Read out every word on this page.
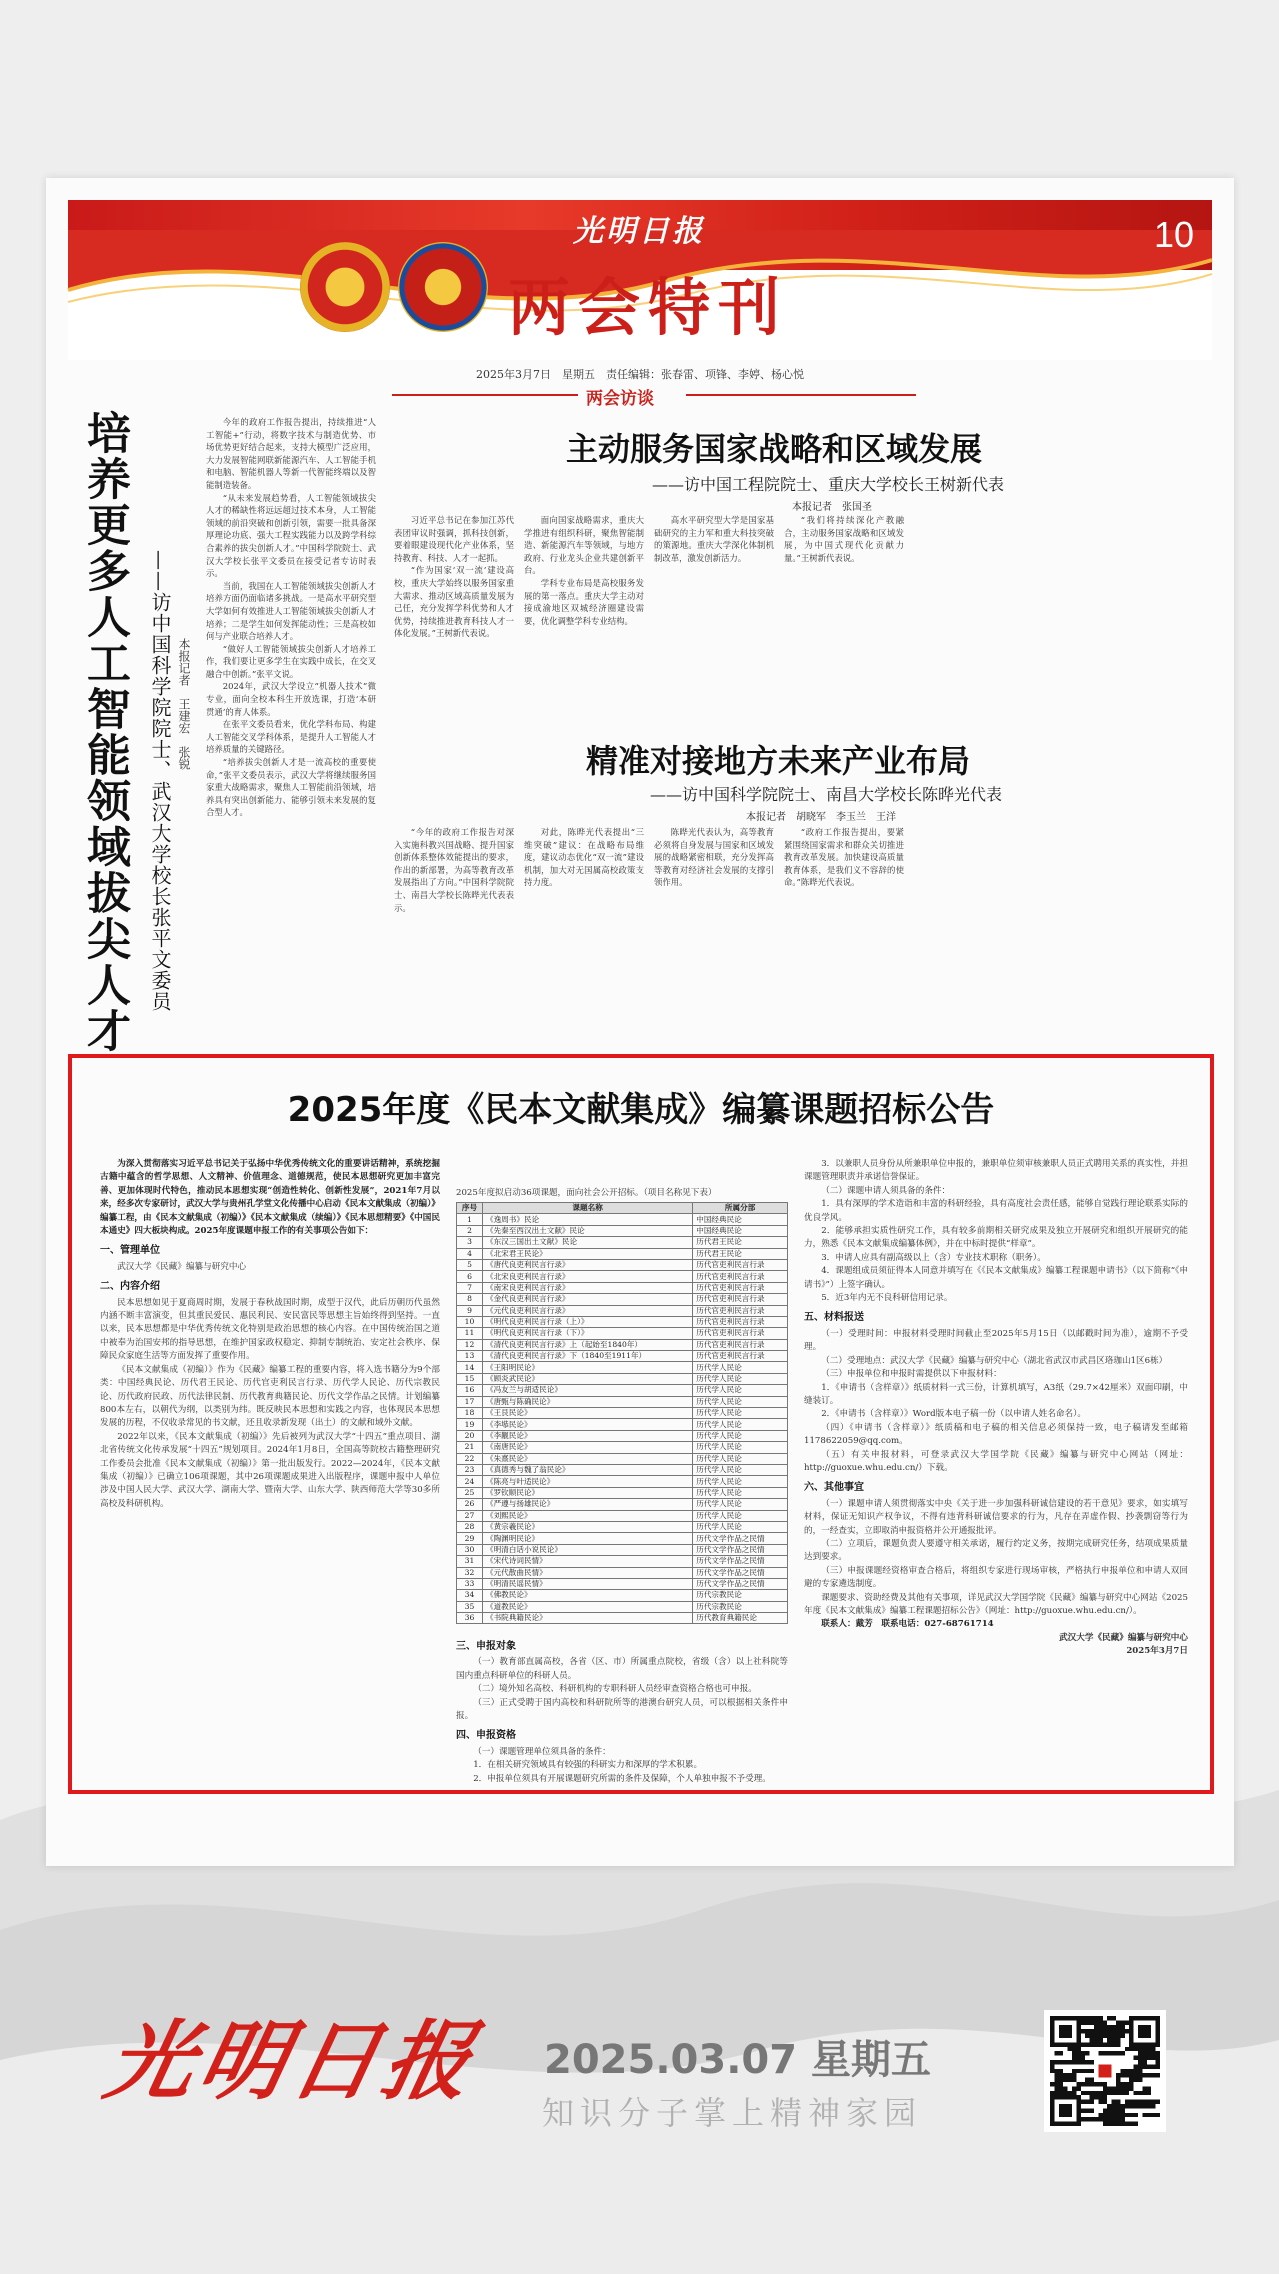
光明日报	10
两会特刊
2025年3月7日　星期五　责任编辑：张春雷、项锋、李婷、杨心悦
两会访谈
培养更多人工智能领域拔尖人才 ——访中国科学院院士、武汉大学校长张平文委员 本报记者　王建宏　张锐

今年的政府工作报告提出，持续推进“人工智能+”行动，将数字技术与制造优势、市场优势更好结合起来，支持大模型广泛应用，大力发展智能网联新能源汽车、人工智能手机和电脑、智能机器人等新一代智能终端以及智能制造装备。

“从未来发展趋势看，人工智能领域拔尖人才的稀缺性将远远超过技术本身，人工智能领域的前沿突破和创新引领，需要一批具备深厚理论功底、强大工程实践能力以及跨学科综合素养的拔尖创新人才。”中国科学院院士、武汉大学校长张平文委员在接受记者专访时表示。

当前，我国在人工智能领域拔尖创新人才培养方面仍面临诸多挑战。一是高水平研究型大学如何有效推进人工智能领域拔尖创新人才培养；二是学生如何发挥能动性；三是高校如何与产业联合培养人才。

“做好人工智能领域拔尖创新人才培养工作，我们要让更多学生在实践中成长，在交叉融合中创新。”张平文说。

2024年，武汉大学设立“机器人技术”微专业，面向全校本科生开放选课，打造‘本研贯通’的育人体系。

在张平文委员看来，优化学科布局、构建人工智能交叉学科体系，是提升人工智能人才培养质量的关键路径。

“培养拔尖创新人才是一流高校的重要使命，”张平文委员表示，武汉大学将继续服务国家重大战略需求，聚焦人工智能前沿领域，培养具有突出创新能力、能够引领未来发展的复合型人才。

主动服务国家战略和区域发展
——访中国工程院院士、重庆大学校长王树新代表
本报记者　张国圣

习近平总书记在参加江苏代表团审议时强调，抓科技创新，要着眼建设现代化产业体系，坚持教育、科技、人才一起抓。

“作为国家‘双一流’建设高校，重庆大学始终以服务国家重大需求、推动区域高质量发展为己任，充分发挥学科优势和人才优势，持续推进教育科技人才一体化发展。”王树新代表说。

面向国家战略需求，重庆大学推进有组织科研，聚焦智能制造、新能源汽车等领域，与地方政府、行业龙头企业共建创新平台。

学科专业布局是高校服务发展的第一落点。重庆大学主动对接成渝地区双城经济圈建设需要，优化调整学科专业结构。

高水平研究型大学是国家基础研究的主力军和重大科技突破的策源地。重庆大学深化体制机制改革，激发创新活力。

“我们将持续深化产教融合，主动服务国家战略和区域发展，为中国式现代化贡献力量。”王树新代表说。

精准对接地方未来产业布局
——访中国科学院院士、南昌大学校长陈晔光代表
本报记者　胡晓军　李玉兰　王洋

“今年的政府工作报告对深入实施科教兴国战略、提升国家创新体系整体效能提出的要求，作出的新部署，为高等教育改革发展指出了方向。”中国科学院院士、南昌大学校长陈晔光代表表示。

对此，陈晔光代表提出“三维突破”建议：在战略布局维度，建议动态优化“双一流”建设机制，加大对无国属高校政策支持力度。

陈晔光代表认为，高等教育必须将自身发展与国家和区域发展的战略紧密相联，充分发挥高等教育对经济社会发展的支撑引领作用。

“政府工作报告提出，要紧紧围绕国家需求和群众关切推进教育改革发展。加快建设高质量教育体系，是我们义不容辞的使命。”陈晔光代表说。

2025年度《民本文献集成》编纂课题招标公告

为深入贯彻落实习近平总书记关于弘扬中华优秀传统文化的重要讲话精神，系统挖掘古籍中蕴含的哲学思想、人文精神、价值理念、道德规范，使民本思想研究更加丰富完善、更加体现时代特色，推动民本思想实现“创造性转化、创新性发展”，2021年7月以来，经多次专家研讨，武汉大学与贵州孔学堂文化传播中心启动《民本文献集成（初编）》编纂工程，由《民本文献集成（初编）》《民本文献集成（续编）》《民本思想精要》《中国民本通史》四大板块构成。2025年度课题申报工作的有关事项公告如下：

一、管理单位

武汉大学《民藏》编纂与研究中心

二、内容介绍

民本思想如见于夏商周时期，发展于春秋战国时期，成型于汉代，此后历朝历代虽然内涵不断丰富演变，但其重民爱民、惠民利民、安民富民等思想主旨始终得到坚持。一直以来，民本思想都是中华优秀传统文化特别是政治思想的核心内容。在中国传统治国之道中被奉为治国安邦的指导思想，在维护国家政权稳定、抑制专制统治、安定社会秩序、保障民众家庭生活等方面发挥了重要作用。

《民本文献集成（初编）》作为《民藏》编纂工程的重要内容，将入选书籍分为9个部类：中国经典民论、历代君王民论、历代官吏利民言行录、历代学人民论、历代宗教民论、历代政府民政、历代法律民制、历代教育典籍民论、历代文学作品之民情。计划编纂800本左右，以朝代为纲，以类别为纬。既反映民本思想和实践之内容，也体现民本思想发展的历程，不仅收录常见的书文献，还且收录新发现（出土）的文献和域外文献。

2022年以来，《民本文献集成（初编）》先后被列为武汉大学“十四五”重点项目、湖北省传统文化传承发展“十四五”规划项目。2024年1月8日，全国高等院校古籍整理研究工作委员会批准《民本文献集成（初编）》第一批出版发行。2022—2024年，《民本文献集成（初编）》已确立106项课题，其中26项课题成果进入出版程序，课题申报中人单位涉及中国人民大学、武汉大学、湖南大学、暨南大学、山东大学、陕西师范大学等30多所高校及科研机构。

2025年度拟启动36项课题，面向社会公开招标。（项目名称见下表）
序号	课题名称	所属分部
1	《逸周书》民论	中国经典民论
2	《先秦至西汉出土文献》民论	中国经典民论
3	《东汉三国出土文献》民论	历代君王民论
4	《北宋君王民论》	历代君王民论
5	《唐代良吏利民言行录》	历代官吏利民言行录
6	《北宋良吏利民言行录》	历代官吏利民言行录
7	《南宋良吏利民言行录》	历代官吏利民言行录
8	《金代良吏利民言行录》	历代官吏利民言行录
9	《元代良吏利民言行录》	历代官吏利民言行录
10	《明代良吏利民言行录（上）》	历代官吏利民言行录
11	《明代良吏利民言行录（下）》	历代官吏利民言行录
12	《清代良吏利民言行录》上（起始至1840年）	历代官吏利民言行录
13	《清代良吏利民言行录》下（1840至1911年）	历代官吏利民言行录
14	《王阳明民论》	历代学人民论
15	《顾炎武民论》	历代学人民论
16	《冯友兰与胡适民论》	历代学人民论
17	《唐甄与陈确民论》	历代学人民论
18	《王艮民论》	历代学人民论
19	《李塨民论》	历代学人民论
20	《李觏民论》	历代学人民论
21	《南唐民论》	历代学人民论
22	《朱熹民论》	历代学人民论
23	《真德秀与魏了翁民论》	历代学人民论
24	《陈亮与叶适民论》	历代学人民论
25	《罗钦顺民论》	历代学人民论
26	《严遵与扬雄民论》	历代学人民论
27	《刘熙民论》	历代学人民论
28	《黄宗羲民论》	历代学人民论
29	《陶渊明民论》	历代文学作品之民情
30	《明清白话小说民论》	历代文学作品之民情
31	《宋代诗词民情》	历代文学作品之民情
32	《元代散曲民情》	历代文学作品之民情
33	《明清民谣民情》	历代文学作品之民情
34	《佛教民论》	历代宗教民论
35	《道教民论》	历代宗教民论
36	《书院典籍民论》	历代教育典籍民论
三、申报对象

（一）教育部直属高校，各省（区、市）所属重点院校，省级（含）以上社科院等国内重点科研单位的科研人员。

（二）境外知名高校、科研机构的专职科研人员经审查资格合格也可申报。

（三）正式受聘于国内高校和科研院所等的港澳台研究人员，可以根据相关条件申报。

四、申报资格

（一）课题管理单位须具备的条件：

1．在相关研究领域具有较强的科研实力和深厚的学术积累。

2．申报单位须具有开展课题研究所需的条件及保障，个人单独申报不予受理。

3．以兼职人员身份从所兼职单位申报的，兼职单位须审核兼职人员正式聘用关系的真实性，并担课题管理职责并承诺信誉保证。

（二）课题申请人须具备的条件：

1．具有深厚的学术造诣和丰富的科研经验，具有高度社会责任感，能够自觉践行理论联系实际的优良学风。

2．能够承担实质性研究工作，具有较多前期相关研究成果及独立开展研究和组织开展研究的能力，熟悉《民本文献集成编纂体例》，并在中标时提供“样章”。

3．申请人应具有副高级以上（含）专业技术职称（职务）。

4．课题组成员须征得本人同意并填写在《《民本文献集成》编纂工程课题申请书》（以下简称“《申请书》”）上签字确认。

5．近3年内无不良科研信用记录。

五、材料报送

（一）受理时间：申报材料受理时间截止至2025年5月15日（以邮戳时间为准），逾期不予受理。

（二）受理地点：武汉大学《民藏》编纂与研究中心（湖北省武汉市武昌区珞珈山1区6栋）

（三）申报单位和申报时需提供以下申报材料：

1．《申请书（含样章）》纸质材料一式三份，计算机填写，A3纸（29.7×42厘米）双面印刷，中缝装订。

2．《申请书（含样章）》Word版本电子稿一份（以申请人姓名命名）。

（四）《申请书（含样章）》纸质稿和电子稿的相关信息必须保持一致，电子稿请发至邮箱1178622059@qq.com。

（五）有关申报材料，可登录武汉大学国学院《民藏》编纂与研究中心网站（网址：http://guoxue.whu.edu.cn/）下载。

六、其他事宜

（一）课题申请人须贯彻落实中央《关于进一步加强科研诚信建设的若干意见》要求，如实填写材料，保证无知识产权争议，不得有违背科研诚信要求的行为，凡存在弄虚作假、抄袭剽窃等行为的，一经查实，立即取消申报资格并公开通报批评。

（二）立项后，课题负责人要遵守相关承诺，履行约定义务，按期完成研究任务，结项成果质量达到要求。

（三）申报课题经资格审查合格后，将组织专家进行现场审核，严格执行申报单位和申请人双回避的专家遴选制度。

课题要求、资助经费及其他有关事项，详见武汉大学国学院《民藏》编纂与研究中心网站《2025年度《民本文献集成》编纂工程课题招标公告》（网址：http://guoxue.whu.edu.cn/）。

联系人：戴芳　联系电话：027-68761714

武汉大学《民藏》编纂与研究中心

2025年3月7日

光明日报 2025.03.07 星期五
知识分子掌上精神家园
